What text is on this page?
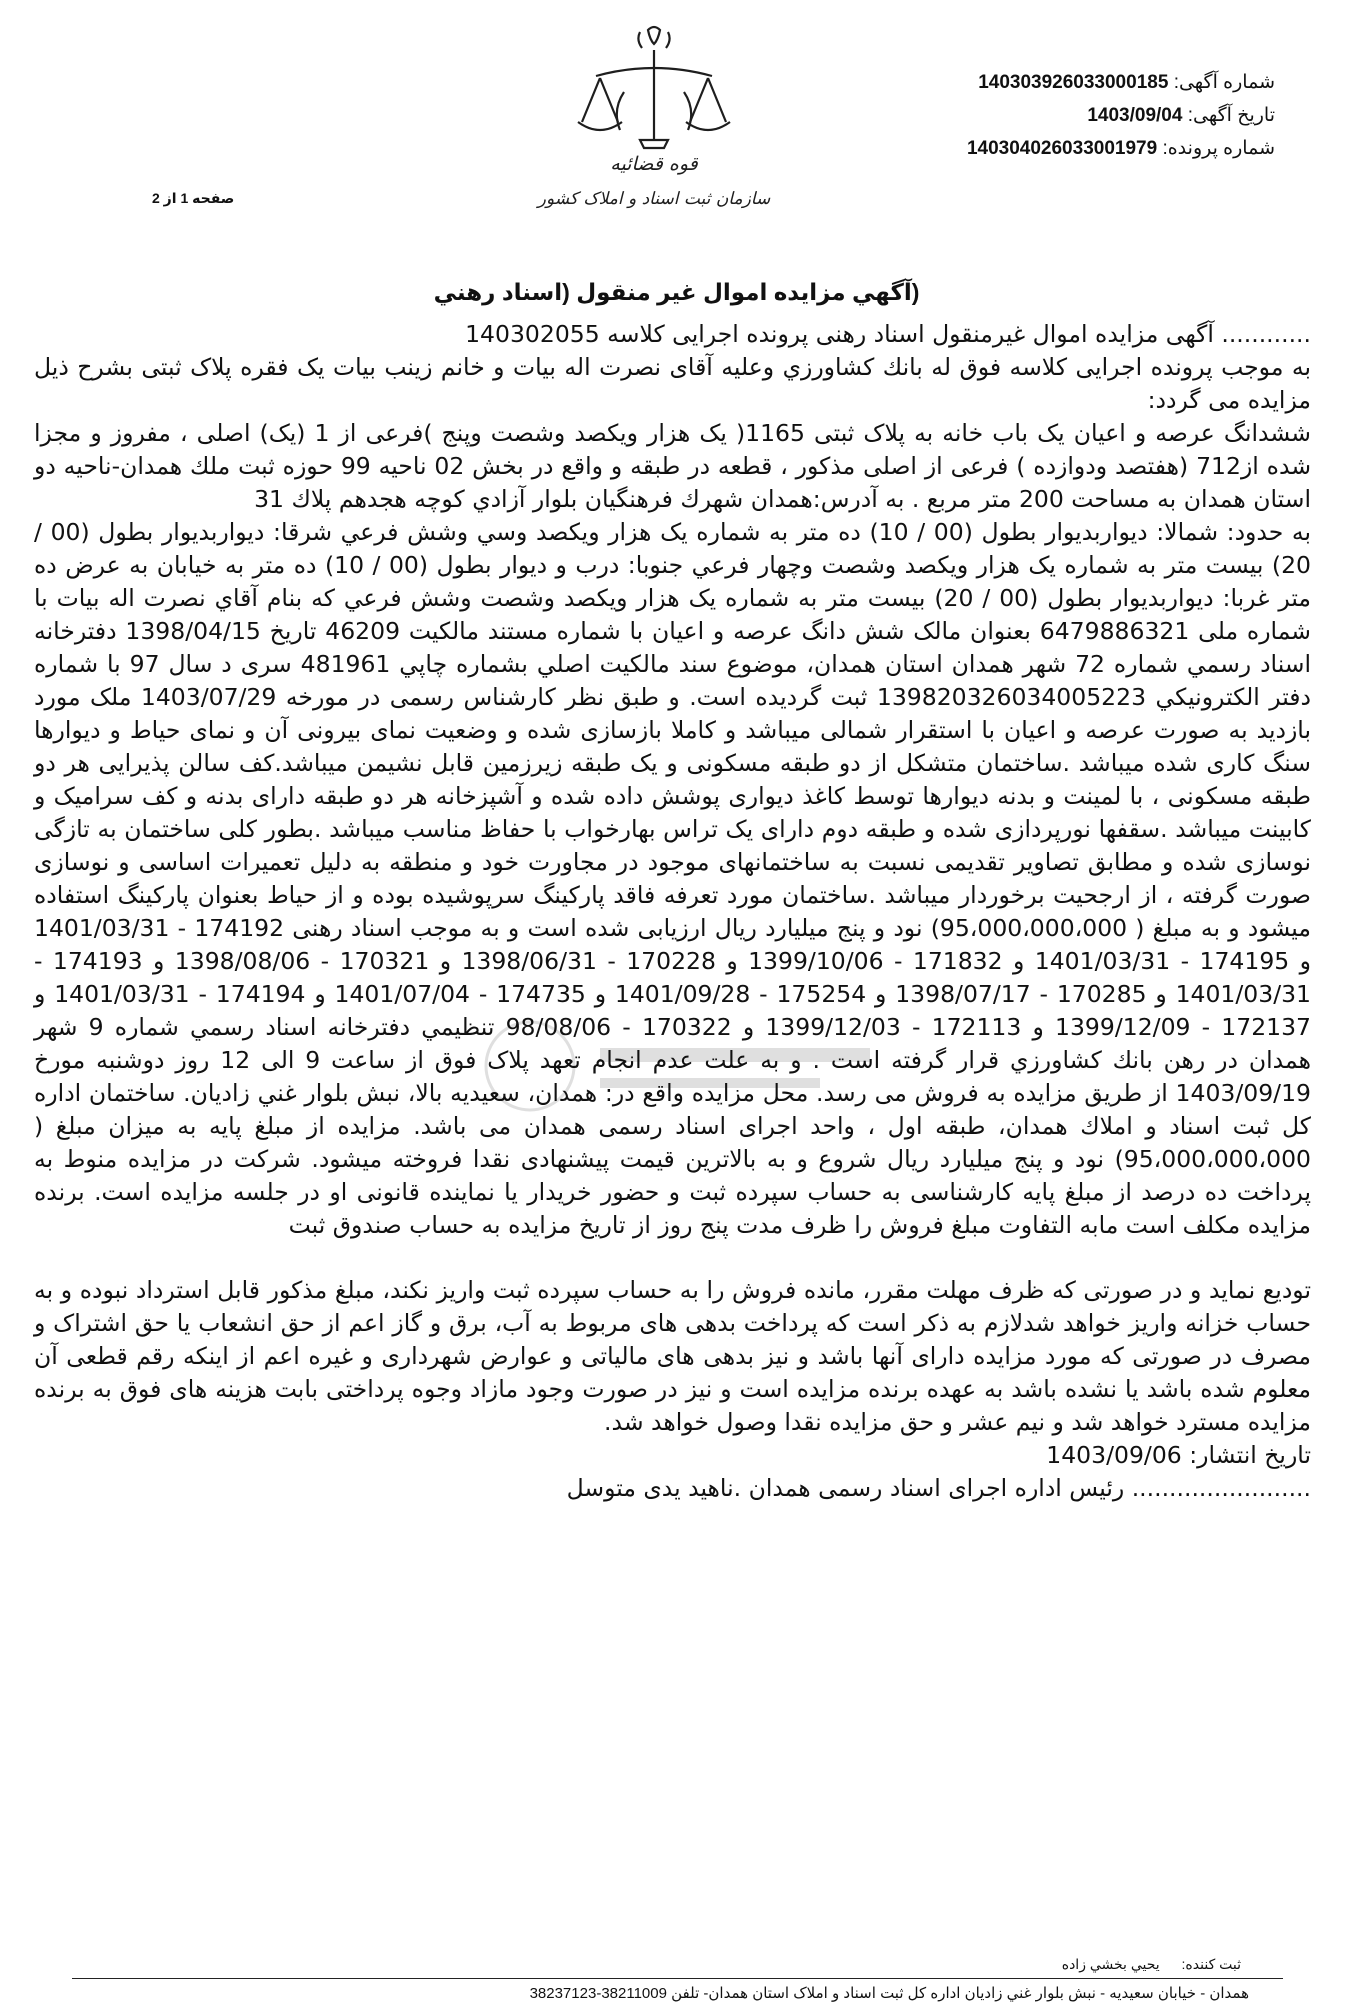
قوه قضائیه
سازمان ثبت اسناد و املاک کشور
شماره آگهی: 140303926033000185
تاریخ آگهی: 1403/09/04
شماره پرونده: 140304026033001979
صفحه 1 از 2
(آگهي مزايده اموال غير منقول (اسناد رهني

............ آگهی مزایده اموال غیرمنقول اسناد رهنی پرونده اجرایی کلاسه 140302055

به موجب پرونده اجرایی کلاسه فوق له بانك كشاورزي وعلیه آقای نصرت اله بیات و خانم زینب بیات یک فقره پلاک ثبتی بشرح ذیل مزایده می گردد:

ششدانگ عرصه و اعیان یک باب خانه به پلاک ثبتی 1165( یک هزار ویکصد وشصت وپنج )فرعی از 1 (یک) اصلی ، مفروز و مجزا شده از712 (هفتصد ودوازده ) فرعی از اصلی مذکور ، قطعه در طبقه و واقع در بخش 02 ناحيه 99 حوزه ثبت ملك همدان-ناحيه دو استان همدان به مساحت 200 متر مربع . به آدرس:همدان شهرك فرهنگيان بلوار آزادي كوچه هجدهم پلاك 31

به حدود: شمالا: ديواربديوار بطول (00 / 10) ده متر به شماره یک هزار ويكصد وسي وشش فرعي شرقا: ديواربديوار بطول (00 / 20) بيست متر به شماره يک هزار ويکصد وشصت وچهار فرعي جنوبا: درب و ديوار بطول (00 / 10) ده متر به خيابان به عرض ده متر غربا: ديواربديوار بطول (00 / 20) بيست متر به شماره يک هزار ويکصد وشصت وشش فرعي كه بنام آقاي نصرت اله بيات با شماره ملی 6479886321 بعنوان مالک شش دانگ عرصه و اعيان با شماره مستند مالکيت 46209 تاريخ 1398/04/15 دفترخانه اسناد رسمي شماره 72 شهر همدان استان همدان، موضوع سند مالکيت اصلي بشماره چاپي 481961 سری د سال 97 با شماره دفتر الكترونيكي 139820326034005223 ثبت گرديده است. و طبق نظر کارشناس رسمی در مورخه 1403/07/29 ملک مورد بازدید به صورت عرصه و اعیان با استقرار شمالی میباشد و کاملا بازسازی شده و وضعیت نمای بیرونی آن و نمای حیاط و دیوارها سنگ کاری شده میباشد .ساختمان متشکل از دو طبقه مسکونی و یک طبقه زیرزمین قابل نشیمن میباشد.کف سالن پذیرایی هر دو طبقه مسکونی ، با لمینت و بدنه دیوارها توسط کاغذ دیواری پوشش داده شده و آشپزخانه هر دو طبقه دارای بدنه و کف سرامیک و کابینت میباشد .سقفها نورپردازی شده و طبقه دوم دارای یک تراس بهارخواب با حفاظ مناسب میباشد .بطور کلی ساختمان به تازگی نوسازی شده و مطابق تصاویر تقدیمی نسبت به ساختمانهای موجود در مجاورت خود و منطقه به دلیل تعمیرات اساسی و نوسازی صورت گرفته ، از ارجحیت برخوردار میباشد .ساختمان مورد تعرفه فاقد پارکینگ سرپوشیده بوده و از حیاط بعنوان پارکینگ استفاده میشود و به مبلغ ( 95،000،000،000) نود و پنج میلیارد ریال ارزیابی شده است و به موجب اسناد رهنی 174192 - 1401/03/31 و 174195 - 1401/03/31 و 171832 - 1399/10/06 و 170228 - 1398/06/31 و 170321 - 1398/08/06 و 174193 - 1401/03/31 و 170285 - 1398/07/17 و 175254 - 1401/09/28 و 174735 - 1401/07/04 و 174194 - 1401/03/31 و 172137 - 1399/12/09 و 172113 - 1399/12/03 و 170322 - 98/08/06 تنظيمي دفترخانه اسناد رسمي شماره 9 شهر همدان در رهن بانك كشاورزي قرار گرفته است . و به علت عدم انجام تعهد پلاک فوق از ساعت 9 الی 12 روز دوشنبه مورخ 1403/09/19 از طریق مزایده به فروش می رسد. محل مزايده واقع در: همدان، سعيديه بالا، نبش بلوار غني زاديان. ساختمان اداره كل ثبت اسناد و املاك همدان، طبقه اول ، واحد اجرای اسناد رسمی همدان می باشد. مزایده از مبلغ پایه به میزان مبلغ ( 95،000،000،000) نود و پنج میلیارد ریال شروع و به بالاترین قیمت پیشنهادی نقدا فروخته میشود. شرکت در مزایده منوط به پرداخت ده درصد از مبلغ پایه کارشناسی به حساب سپرده ثبت و حضور خریدار یا نماینده قانونی او در جلسه مزایده است. برنده مزایده مکلف است مابه التفاوت مبلغ فروش را ظرف مدت پنج روز از تاریخ مزایده به حساب صندوق ثبت

تودیع نماید و در صورتی که ظرف مهلت مقرر، مانده فروش را به حساب سپرده ثبت واریز نکند، مبلغ مذکور قابل استرداد نبوده و به حساب خزانه واریز خواهد شدلازم به ذکر است که پرداخت بدهی های مربوط به آب، برق و گاز اعم از حق انشعاب یا حق اشتراک و مصرف در صورتی که مورد مزایده دارای آنها باشد و نیز بدهی های مالیاتی و عوارض شهرداری و غیره اعم از اینکه رقم قطعی آن معلوم شده باشد یا نشده باشد به عهده برنده مزایده است و نیز در صورت وجود مازاد وجوه پرداختی بابت هزینه های فوق به برنده مزایده مسترد خواهد شد و نیم عشر و حق مزایده نقدا وصول خواهد شد.

تاريخ انتشار: 1403/09/06

........................ رئیس اداره اجرای اسناد رسمی همدان .ناهید یدی متوسل

ثبت كننده: يحيي بخشي زاده
همدان - خيابان سعيديه - نبش بلوار غني زاديان اداره كل ثبت اسناد و املاک استان همدان- تلفن 38211009-38237123
